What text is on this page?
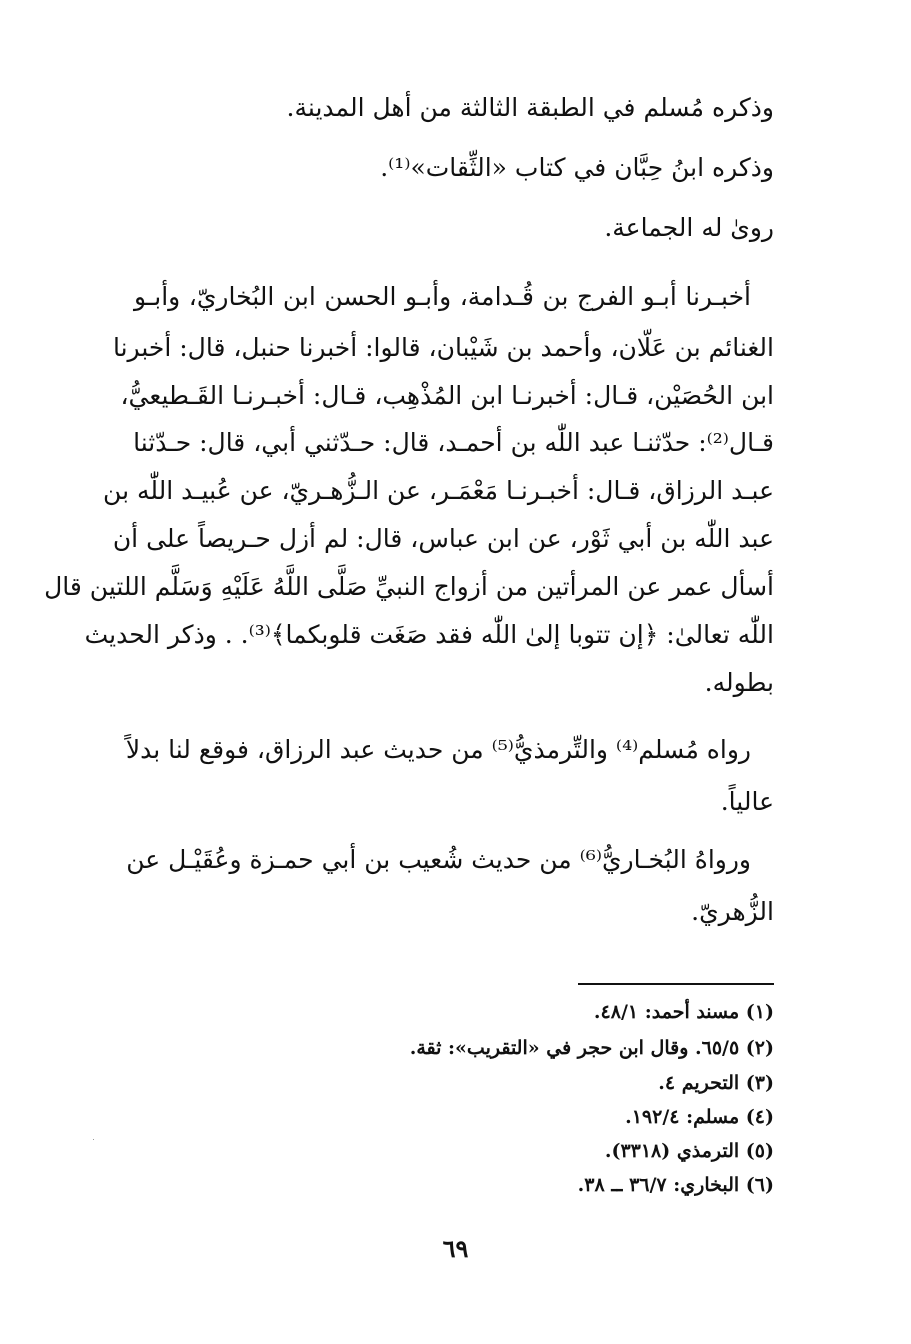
وذكره مُسلم في الطبقة الثالثة من أهل المدينة.
وذكره ابنُ حِبَّان في كتاب «الثِّقات»⁽¹⁾.
روىٰ له الجماعة.
أخبـرنا أبـو الفرج بن قُـدامة، وأبـو الحسن ابن البُخاريّ، وأبـو
الغنائم بن عَلّان، وأحمد بن شَيْبان، قالوا: أخبرنا حنبل، قال: أخبرنا
ابن الحُصَيْن، قـال: أخبرنـا ابن المُذْهِب، قـال: أخبـرنـا القَـطيعيُّ،
قـال⁽²⁾: حدّثنـا عبد اللّٰه بن أحمـد، قال: حـدّثني أبي، قال: حـدّثنا
عبـد الرزاق، قـال: أخبـرنـا مَعْمَـر، عن الـزُّهـريّ، عن عُبيـد اللّٰه بن
عبد اللّٰه بن أبي ثَوْر، عن ابن عباس، قال: لم أزل حـريصاً على أن
أسأل عمر عن المرأتين من أزواج النبيِّ صَلَّى اللَّهُ عَلَيْهِ وَسَلَّم اللتين قال
اللّٰه تعالىٰ: ﴿إن تتوبا إلىٰ اللّٰه فقد صَغَت قلوبكما﴾⁽³⁾. . وذكر الحديث
بطوله.
رواه مُسلم⁽⁴⁾ والتِّرمذيُّ⁽⁵⁾ من حديث عبد الرزاق، فوقع لنا بدلاً
عالياً.
ورواهُ البُخـاريُّ⁽⁶⁾ من حديث شُعيب بن أبي حمـزة وعُقَيْـل عن
الزُّهريّ.
(١) مسند أحمد: ٤٨/١.
(٢) ٦٥/٥. وقال ابن حجر في «التقريب»: ثقة.
(٣) التحريم ٤.
(٤) مسلم: ١٩٢/٤.
(٥) الترمذي (٣٣١٨).
(٦) البخاري: ٣٦/٧ ــ ٣٨.
٦٩
